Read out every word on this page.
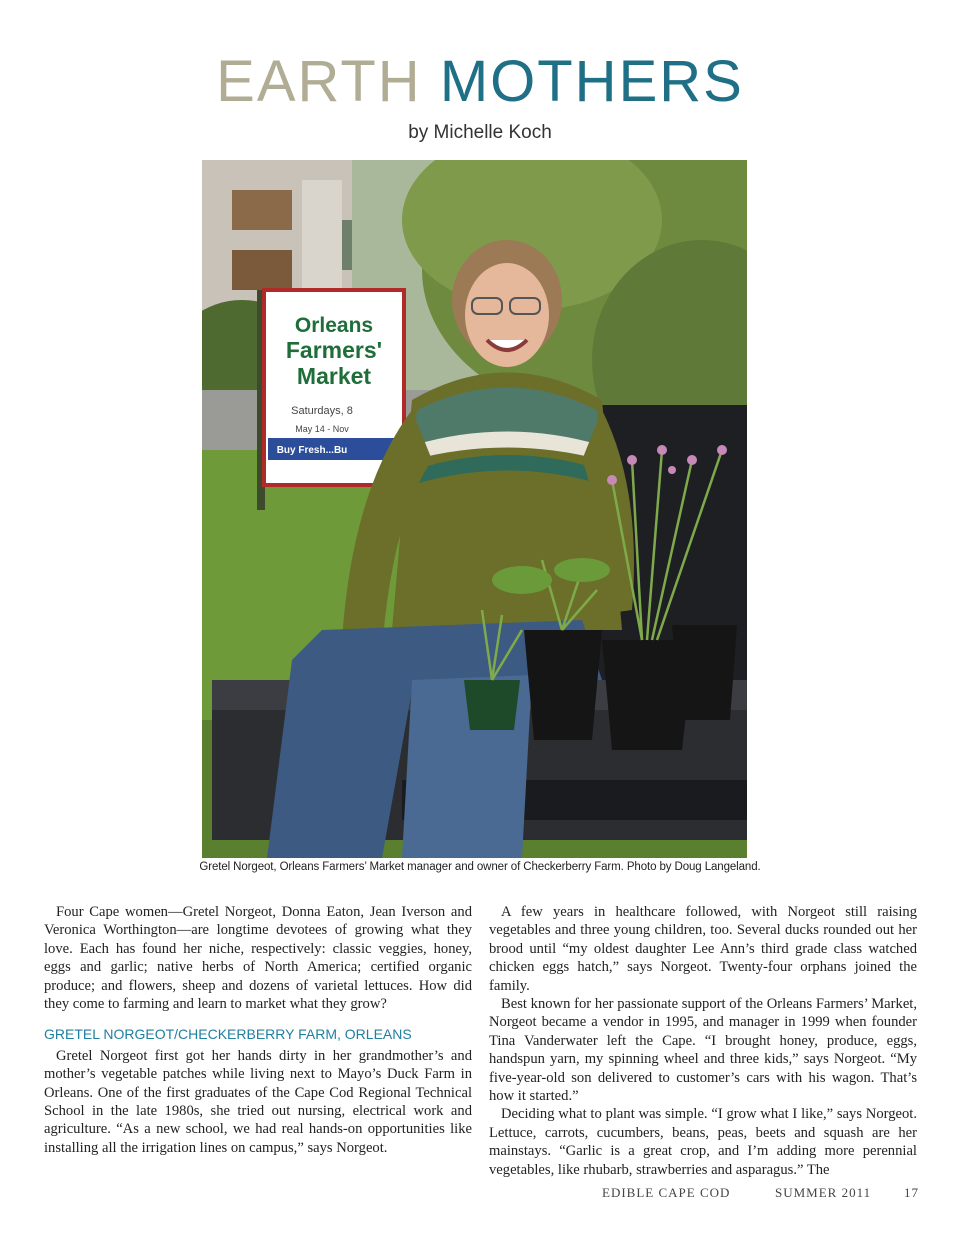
EARTH MOTHERS
by Michelle Koch
Orleans
Farmers'
Market
Saturdays, 8
May 14 - Nov
Buy Fresh...Bu
Gretel Norgeot, Orleans Farmers’ Market manager and owner of Checkerberry Farm. Photo by Doug Langeland.

Four Cape women—Gretel Norgeot, Donna Eaton, Jean Iverson and Veronica Worthington—are longtime devotees of growing what they love. Each has found her niche, respectively: classic veggies, honey, eggs and garlic; native herbs of North America; certified organic produce; and flowers, sheep and dozens of varietal lettuces. How did they come to farming and learn to market what they grow?

GRETEL NORGEOT/CHECKERBERRY FARM, ORLEANS

Gretel Norgeot first got her hands dirty in her grandmother’s and mother’s vegetable patches while living next to Mayo’s Duck Farm in Orleans. One of the first graduates of the Cape Cod Regional Technical School in the late 1980s, she tried out nursing, electrical work and agriculture. “As a new school, we had real hands-on opportunities like installing all the irrigation lines on campus,” says Norgeot.

A few years in healthcare followed, with Norgeot still raising vegetables and three young children, too. Several ducks rounded out her brood until “my oldest daughter Lee Ann’s third grade class watched chicken eggs hatch,” says Norgeot. Twenty-four orphans joined the family.

Best known for her passionate support of the Orleans Farmers’ Market, Norgeot became a vendor in 1995, and manager in 1999 when founder Tina Vanderwater left the Cape. “I brought honey, produce, eggs, handspun yarn, my spinning wheel and three kids,” says Norgeot. “My five-year-old son delivered to customer’s cars with his wagon. That’s how it started.”

Deciding what to plant was simple. “I grow what I like,” says Norgeot. Lettuce, carrots, cucumbers, beans, peas, beets and squash are her mainstays. “Garlic is a great crop, and I’m adding more perennial vegetables, like rhubarb, strawberries and asparagus.” The

EDIBLE CAPE COD	SUMMER 2011	17
